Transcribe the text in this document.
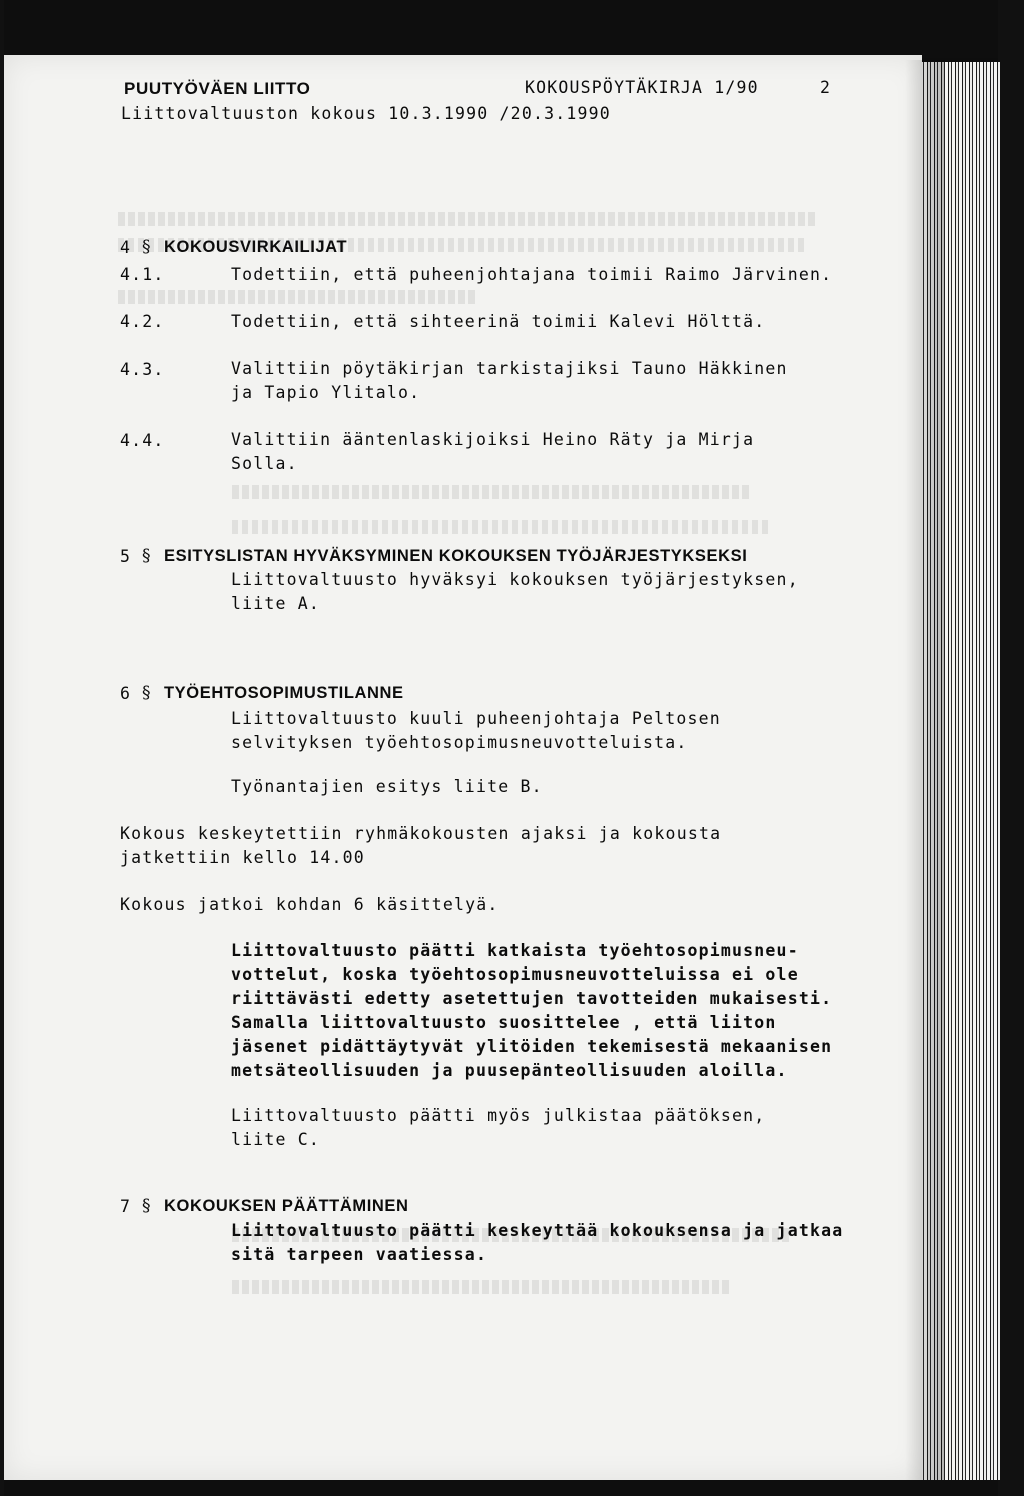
PUUTYÖVÄEN LIITTO	KOKOUSPÖYTÄKIRJA 1/90	2
Liittovaltuuston kokous 10.3.1990 /20.3.1990
4 § KOKOUSVIRKAILIJAT
4.1.	Todettiin, että puheenjohtajana toimii Raimo Järvinen.
4.2.	Todettiin, että sihteerinä toimii Kalevi Hölttä.
4.3.	Valittiin pöytäkirjan tarkistajiksi Tauno Häkkinen
ja Tapio Ylitalo.
4.4.	Valittiin ääntenlaskijoiksi Heino Räty ja Mirja
Solla.
5 § ESITYSLISTAN HYVÄKSYMINEN KOKOUKSEN TYÖJÄRJESTYKSEKSI
Liittovaltuusto hyväksyi kokouksen työjärjestyksen,
liite A.
6 § TYÖEHTOSOPIMUSTILANNE
Liittovaltuusto kuuli puheenjohtaja Peltosen
selvityksen työehtosopimusneuvotteluista.
Työnantajien esitys liite B.
Kokous keskeytettiin ryhmäkokousten ajaksi ja kokousta
jatkettiin kello 14.00
Kokous jatkoi kohdan 6 käsittelyä.
Liittovaltuusto päätti katkaista työehtosopimusneu-
vottelut, koska työehtosopimusneuvotteluissa ei ole
riittävästi edetty asetettujen tavotteiden mukaisesti.
Samalla liittovaltuusto suosittelee , että liiton
jäsenet pidättäytyvät ylitöiden tekemisestä mekaanisen
metsäteollisuuden ja puusepänteollisuuden aloilla.
Liittovaltuusto päätti myös julkistaa päätöksen,
liite C.
7 § KOKOUKSEN PÄÄTTÄMINEN
Liittovaltuusto päätti keskeyttää kokouksensa ja jatkaa
sitä tarpeen vaatiessa.
